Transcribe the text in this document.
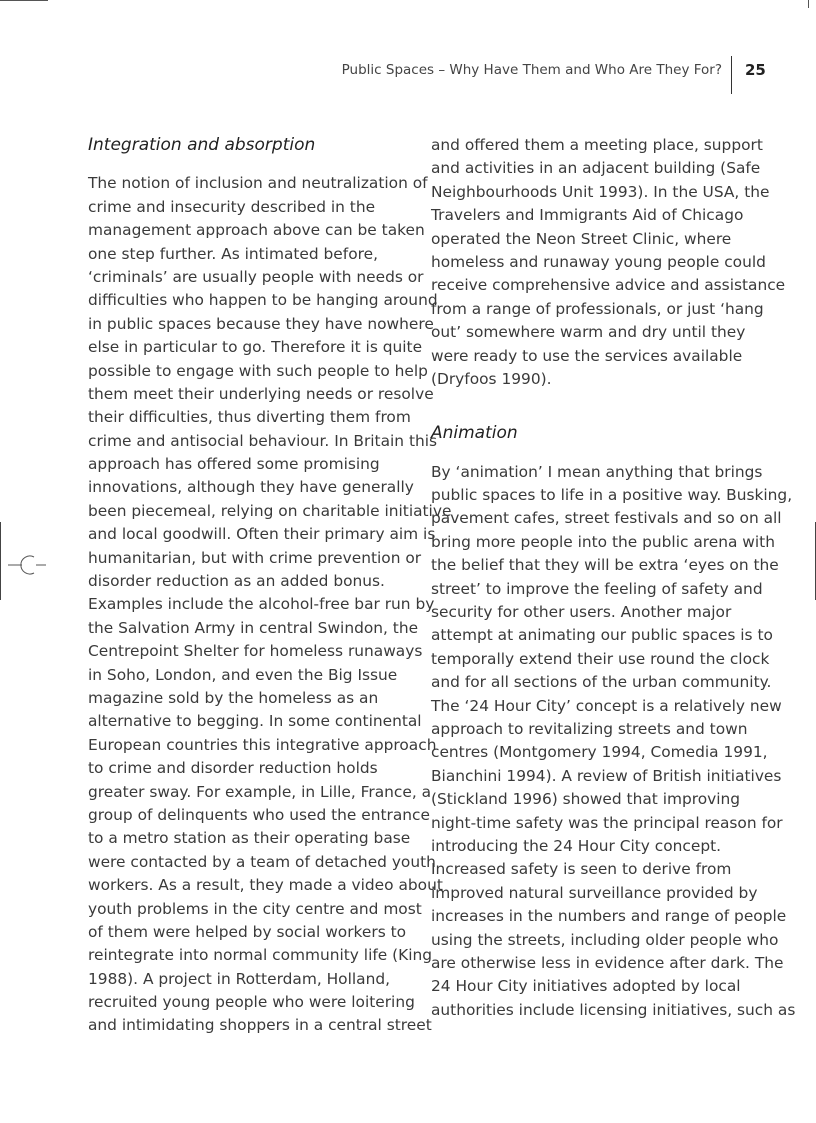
Public Spaces – Why Have Them and Who Are They For? 25
Integration and absorption
The notion of inclusion and neutralization of
crime and insecurity described in the
management approach above can be taken
one step further. As intimated before,
‘criminals’ are usually people with needs or
difficulties who happen to be hanging around
in public spaces because they have nowhere
else in particular to go. Therefore it is quite
possible to engage with such people to help
them meet their underlying needs or resolve
their difficulties, thus diverting them from
crime and antisocial behaviour. In Britain this
approach has offered some promising
innovations, although they have generally
been piecemeal, relying on charitable initiative
and local goodwill. Often their primary aim is
humanitarian, but with crime prevention or
disorder reduction as an added bonus.
Examples include the alcohol-free bar run by
the Salvation Army in central Swindon, the
Centrepoint Shelter for homeless runaways
in Soho, London, and even the Big Issue
magazine sold by the homeless as an
alternative to begging. In some continental
European countries this integrative approach
to crime and disorder reduction holds
greater sway. For example, in Lille, France, a
group of delinquents who used the entrance
to a metro station as their operating base
were contacted by a team of detached youth
workers. As a result, they made a video about
youth problems in the city centre and most
of them were helped by social workers to
reintegrate into normal community life (King
1988). A project in Rotterdam, Holland,
recruited young people who were loitering
and intimidating shoppers in a central street
and offered them a meeting place, support
and activities in an adjacent building (Safe
Neighbourhoods Unit 1993). In the USA, the
Travelers and Immigrants Aid of Chicago
operated the Neon Street Clinic, where
homeless and runaway young people could
receive comprehensive advice and assistance
from a range of professionals, or just ‘hang
out’ somewhere warm and dry until they
were ready to use the services available
(Dryfoos 1990).
Animation
By ‘animation’ I mean anything that brings
public spaces to life in a positive way. Busking,
pavement cafes, street festivals and so on all
bring more people into the public arena with
the belief that they will be extra ‘eyes on the
street’ to improve the feeling of safety and
security for other users. Another major
attempt at animating our public spaces is to
temporally extend their use round the clock
and for all sections of the urban community.
The ‘24 Hour City’ concept is a relatively new
approach to revitalizing streets and town
centres (Montgomery 1994, Comedia 1991,
Bianchini 1994). A review of British initiatives
(Stickland 1996) showed that improving
night-time safety was the principal reason for
introducing the 24 Hour City concept.
Increased safety is seen to derive from
improved natural surveillance provided by
increases in the numbers and range of people
using the streets, including older people who
are otherwise less in evidence after dark. The
24 Hour City initiatives adopted by local
authorities include licensing initiatives, such as
